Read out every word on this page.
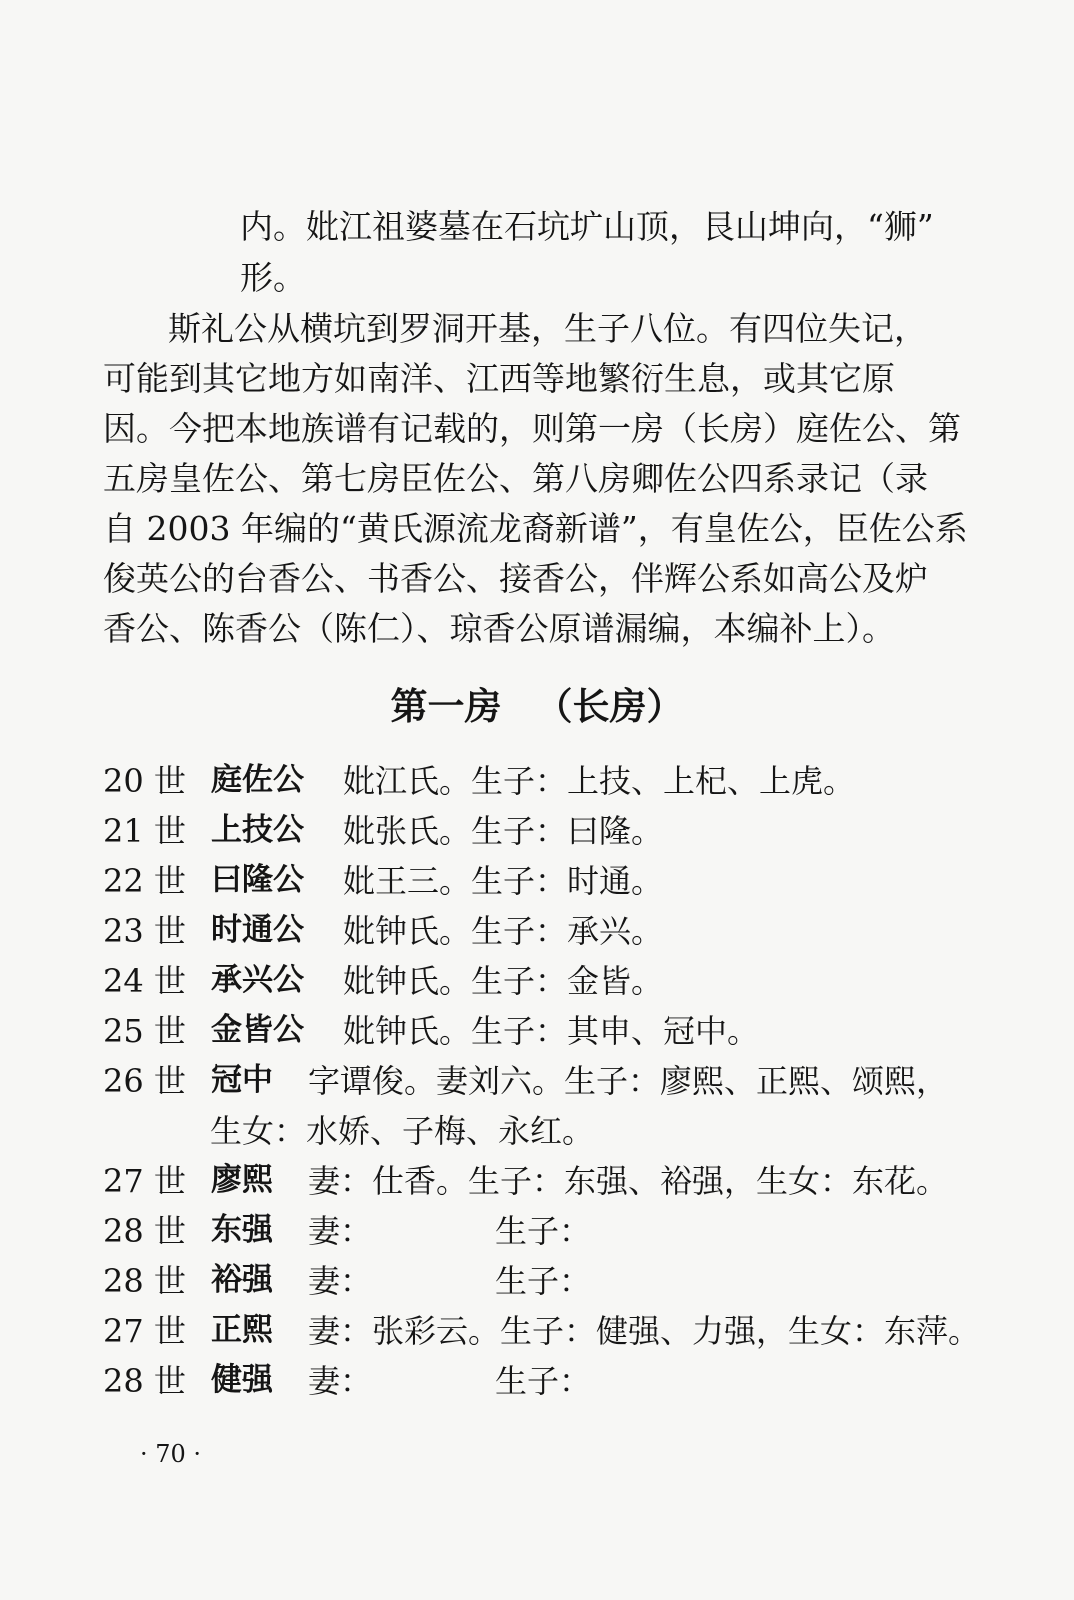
内。妣江祖婆墓在石坑圹山顶，艮山坤向，“狮”
形。
斯礼公从横坑到罗洞开基，生子八位。有四位失记，
可能到其它地方如南洋、江西等地繁衍生息，或其它原
因。今把本地族谱有记载的，则第一房（长房）庭佐公、第
五房皇佐公、第七房臣佐公、第八房卿佐公四系录记（录
自 2003 年编的“黄氏源流龙裔新谱”，有皇佐公，臣佐公系
俊英公的台香公、书香公、接香公，伴辉公系如高公及炉
香公、陈香公（陈仁）、琼香公原谱漏编，本编补上）。
第一房 （长房）
20 世 庭佐公 妣江氏。生子：上技、上杞、上虎。
21 世 上技公 妣张氏。生子：曰隆。
22 世 曰隆公 妣王三。生子：时通。
23 世 时通公 妣钟氏。生子：承兴。
24 世 承兴公 妣钟氏。生子：金皆。
25 世 金皆公 妣钟氏。生子：其申、冠中。
26 世 冠中 字谭俊。妻刘六。生子：廖熙、正熙、颂熙，
生女：水娇、子梅、永红。
27 世 廖熙 妻：仕香。生子：东强、裕强，生女：东花。
28 世 东强 妻：	生子：
28 世 裕强 妻：	生子：
27 世 正熙 妻：张彩云。生子：健强、力强，生女：东萍。
28 世 健强 妻：	生子：
· 70 ·
